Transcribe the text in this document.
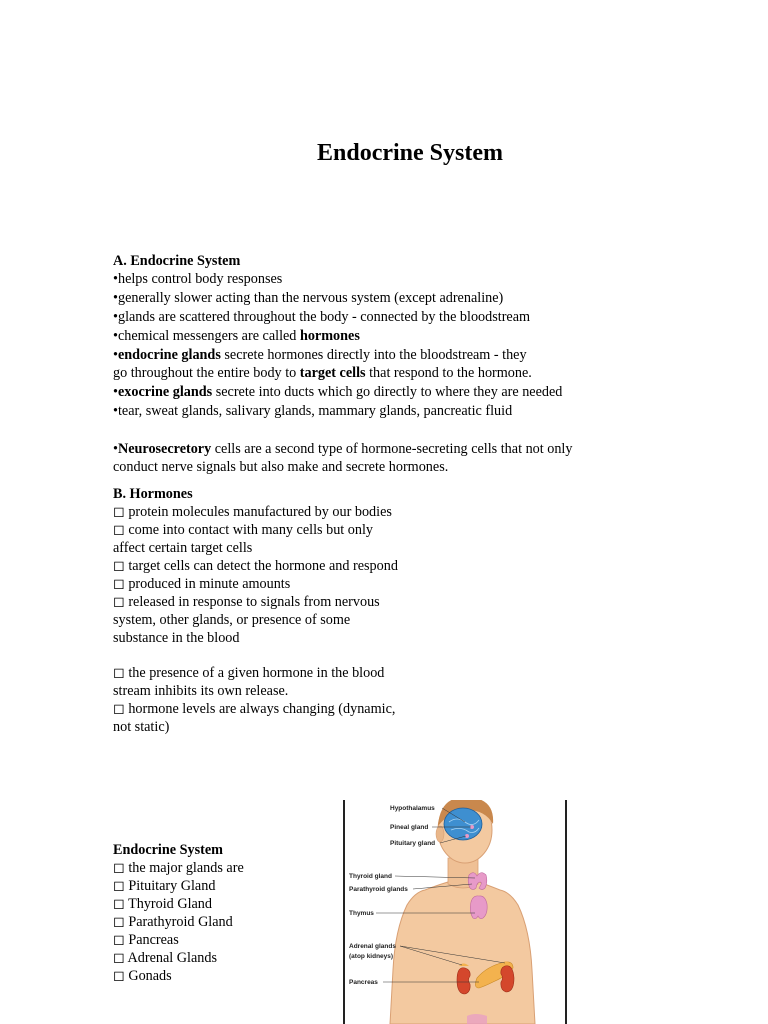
Endocrine System

A. Endocrine System

• helps control body responses

• generally slower acting than the nervous system (except adrenaline)

• glands are scattered throughout the body - connected by the bloodstream

• chemical messengers are called hormones

• endocrine glands secrete hormones directly into the bloodstream - they

go throughout the entire body to target cells that respond to the hormone.

• exocrine glands secrete into ducts which go directly to where they are needed

• tear, sweat glands, salivary glands, mammary glands, pancreatic fluid

• Neurosecretory cells are a second type of hormone-secreting cells that not only

conduct nerve signals but also make and secrete hormones.

B. Hormones

◻ protein molecules manufactured by our bodies

◻ come into contact with many cells but only

affect certain target cells

◻ target cells can detect the hormone and respond

◻ produced in minute amounts

◻ released in response to signals from nervous

system, other glands, or presence of some

substance in the blood

◻ the presence of a given hormone in the blood

stream inhibits its own release.

◻ hormone levels are always changing (dynamic,

not static)

Endocrine System

◻ the major glands are

◻ Pituitary Gland

◻ Thyroid Gland

◻ Parathyroid Gland

◻ Pancreas

◻ Adrenal Glands

◻ Gonads

Hypothalamus
Pineal gland
Pituitary gland
Thyroid gland
Parathyroid glands
Thymus
Adrenal glands
(atop kidneys)
Pancreas
